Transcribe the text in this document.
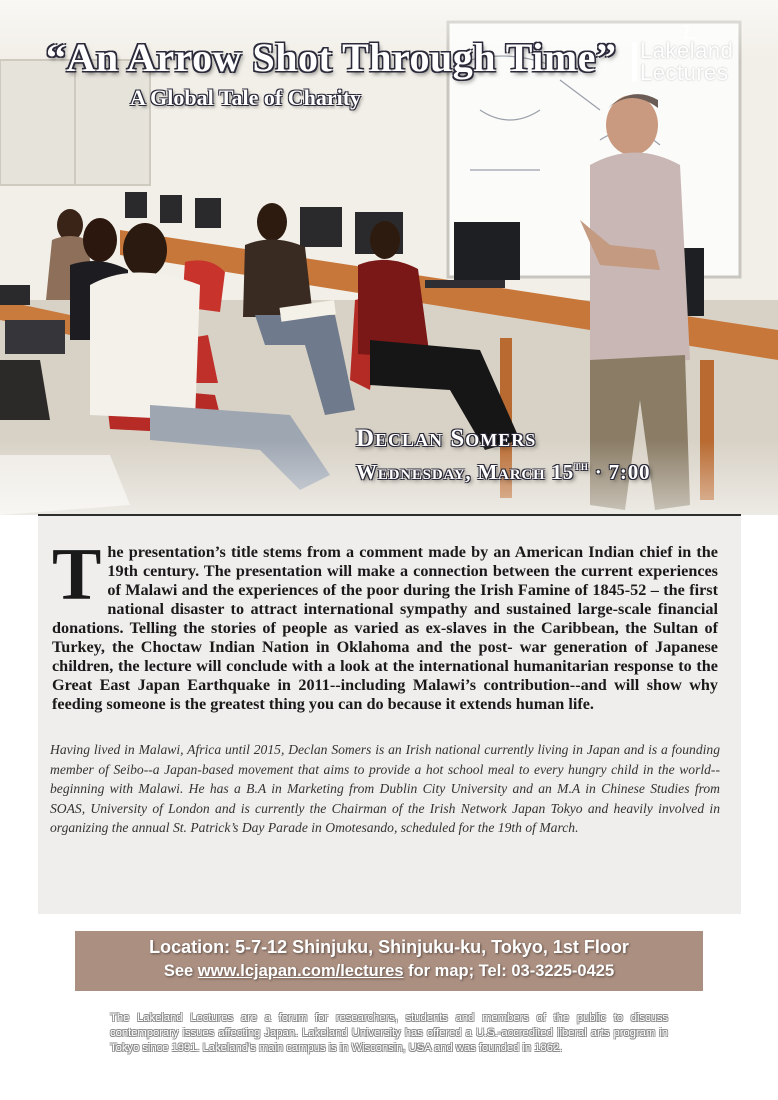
“An Arrow Shot Through Time”
A Global Tale of Charity
Lakeland
Lectures
Declan Somers
Wednesday, March 15th · 7:00
The presentation’s title stems from a comment made by an American Indian chief in the 19th century. The presentation will make a connection between the current experiences of Malawi and the experiences of the poor during the Irish Famine of 1845-52 – the first national disaster to attract international sympathy and sustained large-scale financial donations. Telling the stories of people as varied as ex-slaves in the Caribbean, the Sultan of Turkey, the Choctaw Indian Nation in Oklahoma and the post- war generation of Japanese children, the lecture will conclude with a look at the international humanitarian response to the Great East Japan Earthquake in 2011--including Malawi’s contribution--and will show why feeding someone is the greatest thing you can do because it extends human life.
Having lived in Malawi, Africa until 2015, Declan Somers is an Irish national currently living in Japan and is a founding member of Seibo--a Japan-based movement that aims to provide a hot school meal to every hungry child in the world--beginning with Malawi. He has a B.A in Marketing from Dublin City University and an M.A in Chinese Studies from SOAS, University of London and is currently the Chairman of the Irish Network Japan Tokyo and heavily involved in organizing the annual St. Patrick’s Day Parade in Omotesando, scheduled for the 19th of March.
Location: 5-7-12 Shinjuku, Shinjuku-ku, Tokyo, 1st Floor
See www.lcjapan.com/lectures for map; Tel: 03-3225-0425
The Lakeland Lectures are a forum for researchers, students and members of the public to discuss contemporary issues affecting Japan. Lakeland University has offered a U.S.-accredited liberal arts program in Tokyo since 1991. Lakeland’s main campus is in Wisconsin, USA and was founded in 1862.
